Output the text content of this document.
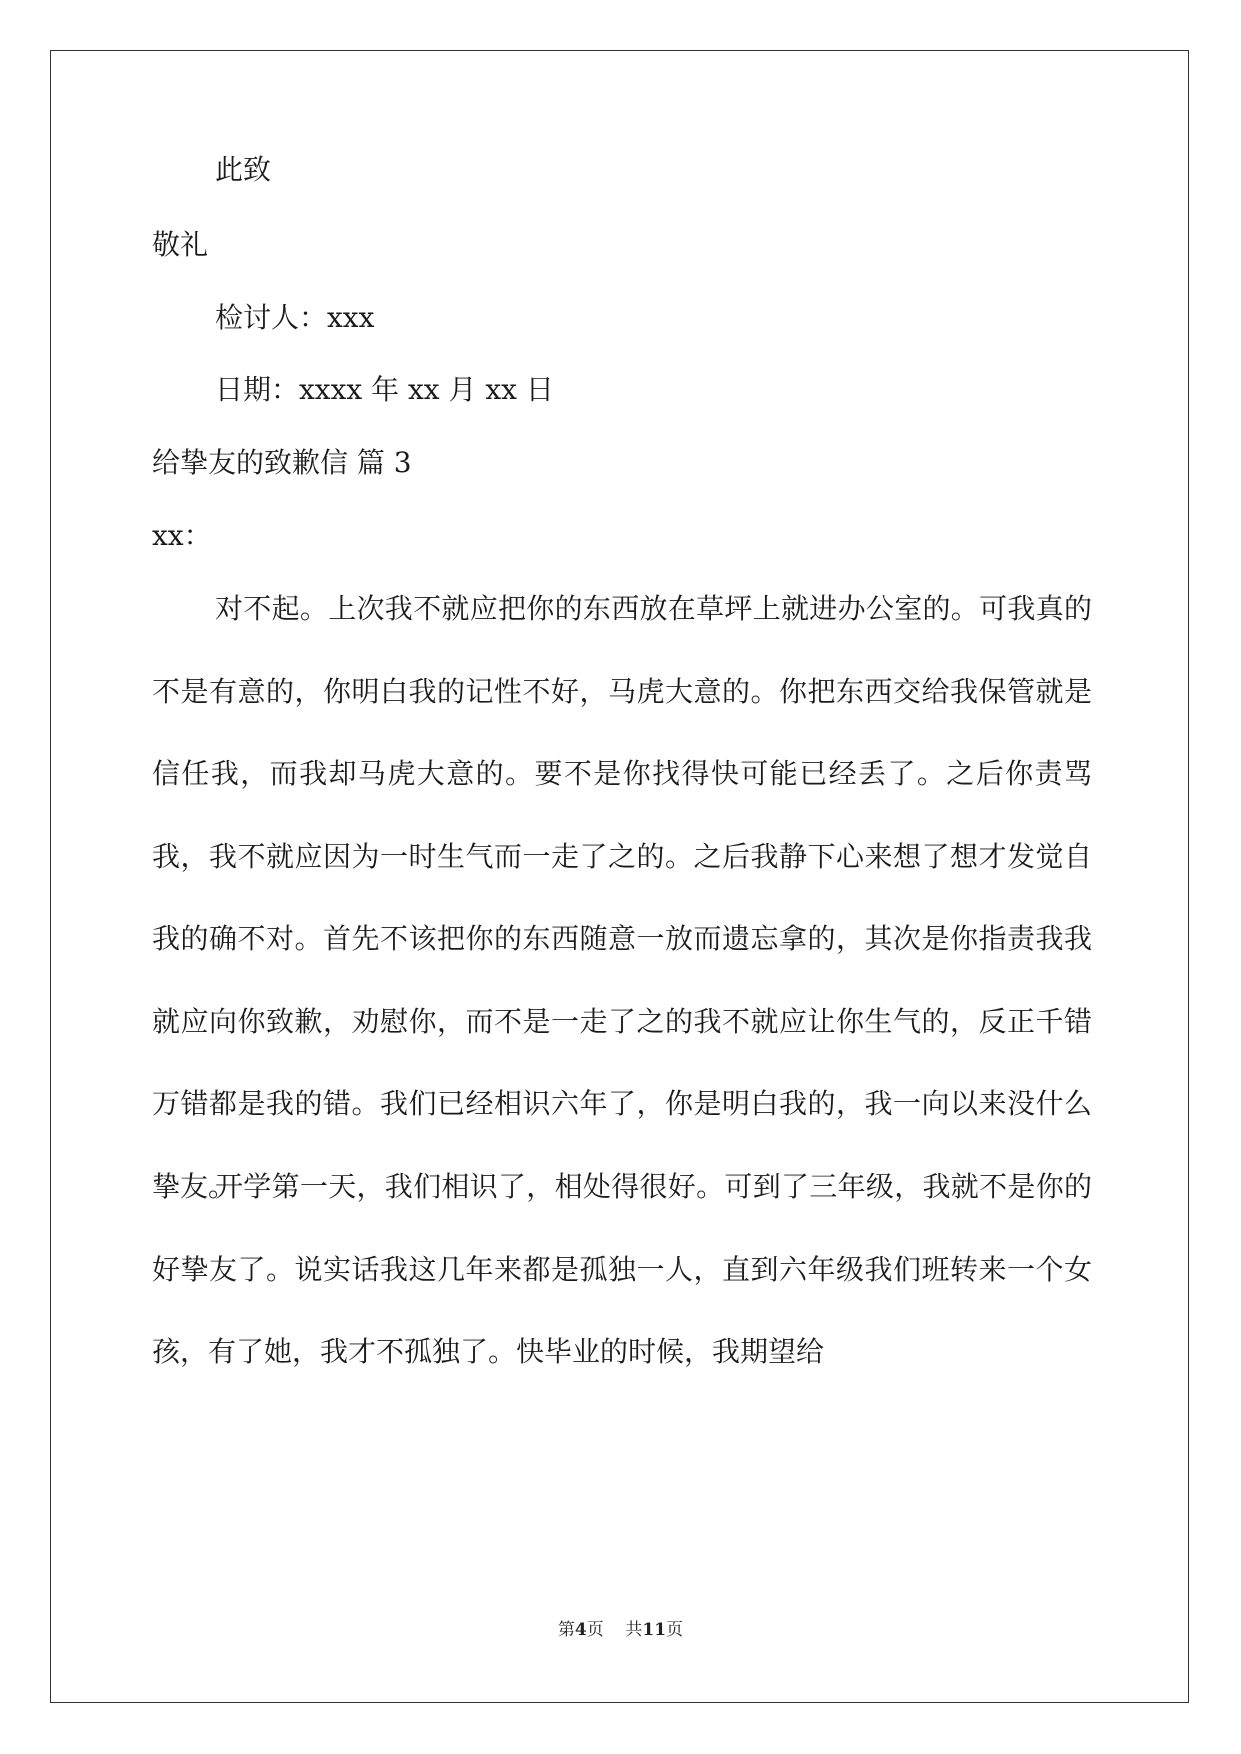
此致

敬礼

检讨人：xxx

日期：xxxx 年 xx 月 xx 日

给挚友的致歉信 篇 3

xx：

对不起。上次我不就应把你的东西放在草坪上就进办公室的。可我真的不是有意的，你明白我的记性不好，马虎大意的。你把东西交给我保管就是信任我，而我却马虎大意的。要不是你找得快可能已经丢了。之后你责骂我，我不就应因为一时生气而一走了之的。之后我静下心来想了想才发觉自我的确不对。首先不该把你的东西随意一放而遗忘拿的，其次是你指责我我就应向你致歉，劝慰你，而不是一走了之的我不就应让你生气的，反正千错万错都是我的错。我们已经相识六年了，你是明白我的，我一向以来没什么挚友。

开学第一天，我们相识了，相处得很好。可到了三年级，我就不是你的好挚友了。说实话我这几年来都是孤独一人，直到六年级我们班转来一个女孩，有了她，我才不孤独了。快毕业的时候，我期望给

第4页 共11页
